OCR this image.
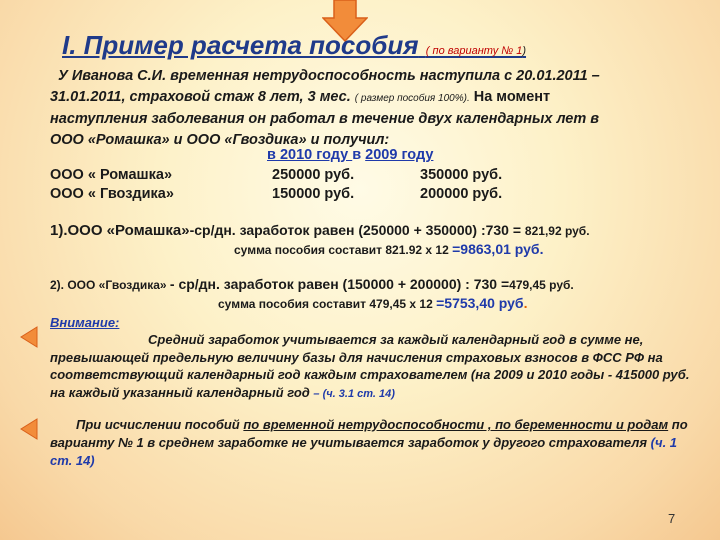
I. Пример расчета пособия ( по варианту № 1)
У Иванова С.И. временная нетрудоспособность наступила с 20.01.2011 –
31.01.2011, страховой стаж 8 лет, 3 мес. ( размер пособия 100%). На момент
наступления заболевания он работал в течение двух календарных лет в
ООО «Ромашка» и ООО «Гвоздика» и получил:
в 2010 году в 2009 году
ООО « Ромашка»	250000 руб.	350000 руб.
ООО « Гвоздика»	150000 руб.	200000 руб.
1).ООО «Ромашка»-ср/дн. заработок равен (250000 + 350000) :730 = 821,92 руб.
сумма пособия составит 821.92 х 12 =9863,01 руб.
2). ООО «Гвоздика» - ср/дн. заработок равен (150000 + 200000) : 730 =479,45 руб.
сумма пособия составит 479,45 х 12 =5753,40 руб.
Внимание:
Средний заработок учитывается за каждый календарный год в сумме не, превышающей предельную величину базы для начисления страховых взносов в ФСС РФ на соответствующий календарный год каждым страхователем (на 2009 и 2010 годы - 415000 руб. на каждый указанный календарный год – (ч. 3.1 ст. 14)
При исчислении пособий по временной нетрудоспособности , по беременности и родам по варианту № 1 в среднем заработке не учитывается заработок у другого страхователя (ч. 1 ст. 14)
7
